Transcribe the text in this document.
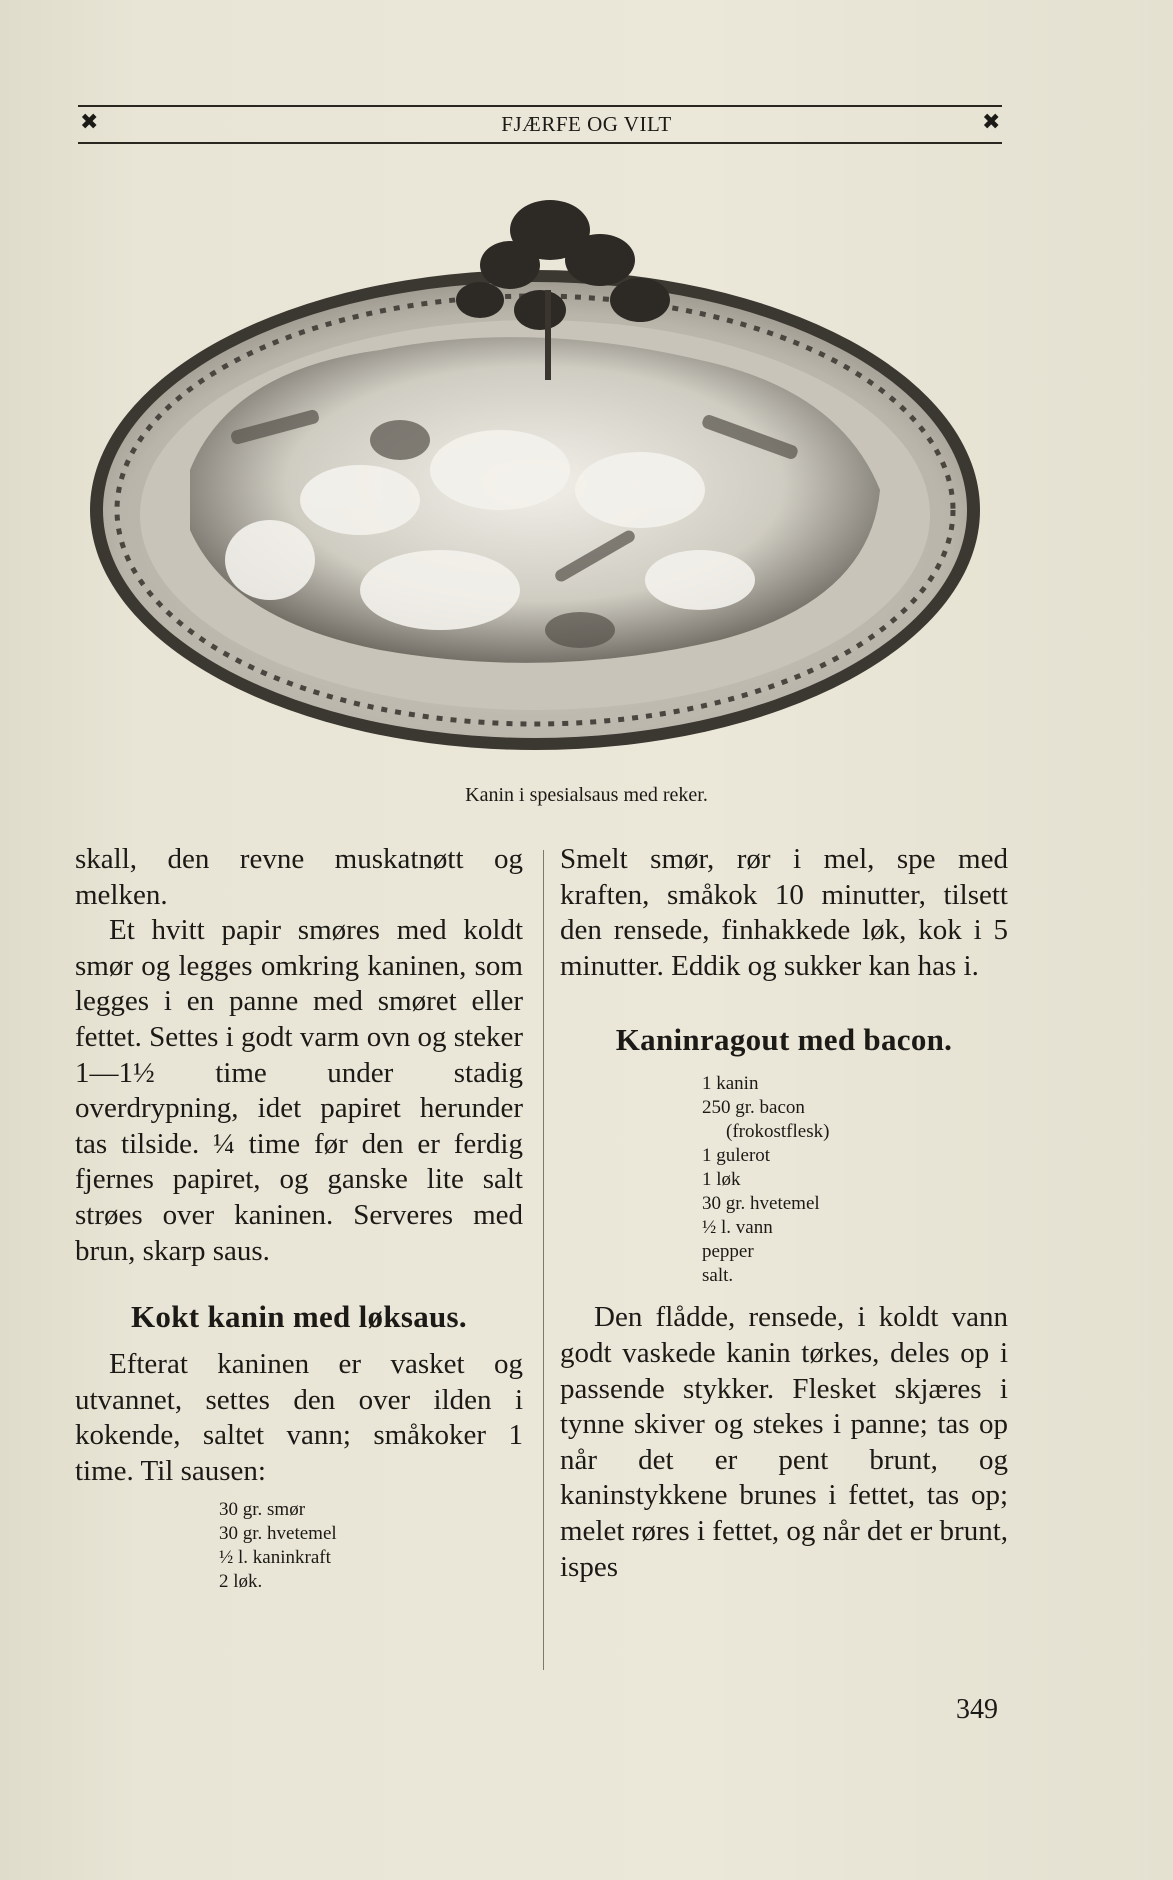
✖	FJÆRFE OG VILT	✖
Kanin i spesialsaus med reker.

skall, den revne muskatnøtt og melken.

Et hvitt papir smøres med koldt smør og legges omkring kaninen, som legges i en panne med smøret eller fettet. Settes i godt varm ovn og steker 1—1½ time under stadig overdrypning, idet papiret herunder tas tilside. ¼ time før den er ferdig fjernes papiret, og ganske lite salt strøes over kaninen. Serveres med brun, skarp saus.

Kokt kanin med løksaus.

Efterat kaninen er vasket og utvannet, settes den over ilden i kokende, saltet vann; småkoker 1 time. Til sausen:

30 gr. smør
30 gr. hvetemel
½ l. kaninkraft
2 løk.

Smelt smør, rør i mel, spe med kraften, småkok 10 minutter, tilsett den rensede, finhakkede løk, kok i 5 minutter. Eddik og sukker kan has i.

Kaninragout med bacon.
1 kanin
250 gr. bacon
(frokostflesk)
1 gulerot
1 løk
30 gr. hvetemel
½ l. vann
pepper
salt.

Den flådde, rensede, i koldt vann godt vaskede kanin tørkes, deles op i passende stykker. Flesket skjæres i tynne skiver og stekes i panne; tas op når det er pent brunt, og kaninstykkene brunes i fettet, tas op; melet røres i fettet, og når det er brunt, ispes

349
